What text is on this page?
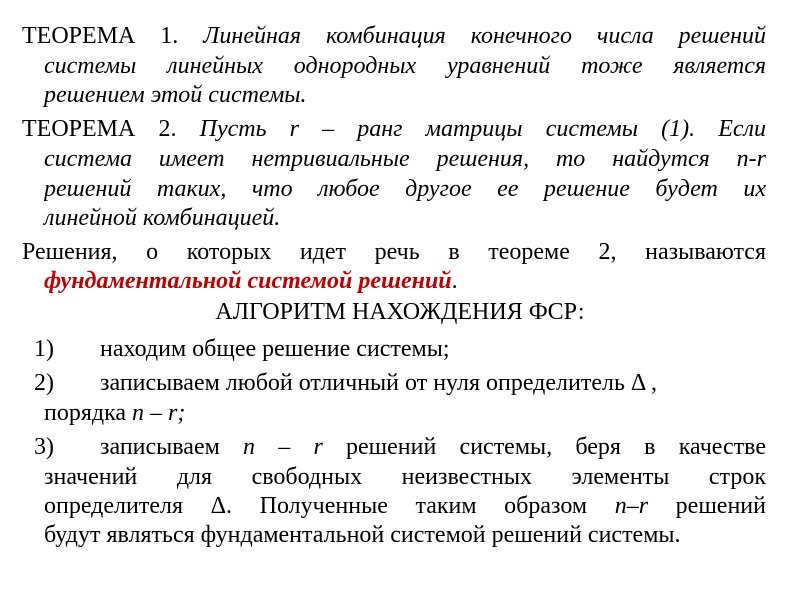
ТЕОРЕМА 1. Линейная комбинация конечного числа решений
системы линейных однородных уравнений тоже является
решением этой системы.
ТЕОРЕМА 2. Пусть r – ранг матрицы системы (1). Если
система имеет нетривиальные решения, то найдутся n-r
решений таких, что любое другое ее решение будет их
линейной комбинацией.
Решения, о которых идет речь в теореме 2, называются
фундаментальной системой решений.
АЛГОРИТМ НАХОЖДЕНИЯ ФСР:
1) находим общее решение системы;
2) записываем любой отличный от нуля определитель Δ ,
порядка n – r;
3) записываем n – r решений системы, беря в качестве
значений для свободных неизвестных элементы строк
определителя Δ. Полученные таким образом n–r решений
будут являться фундаментальной системой решений системы.
